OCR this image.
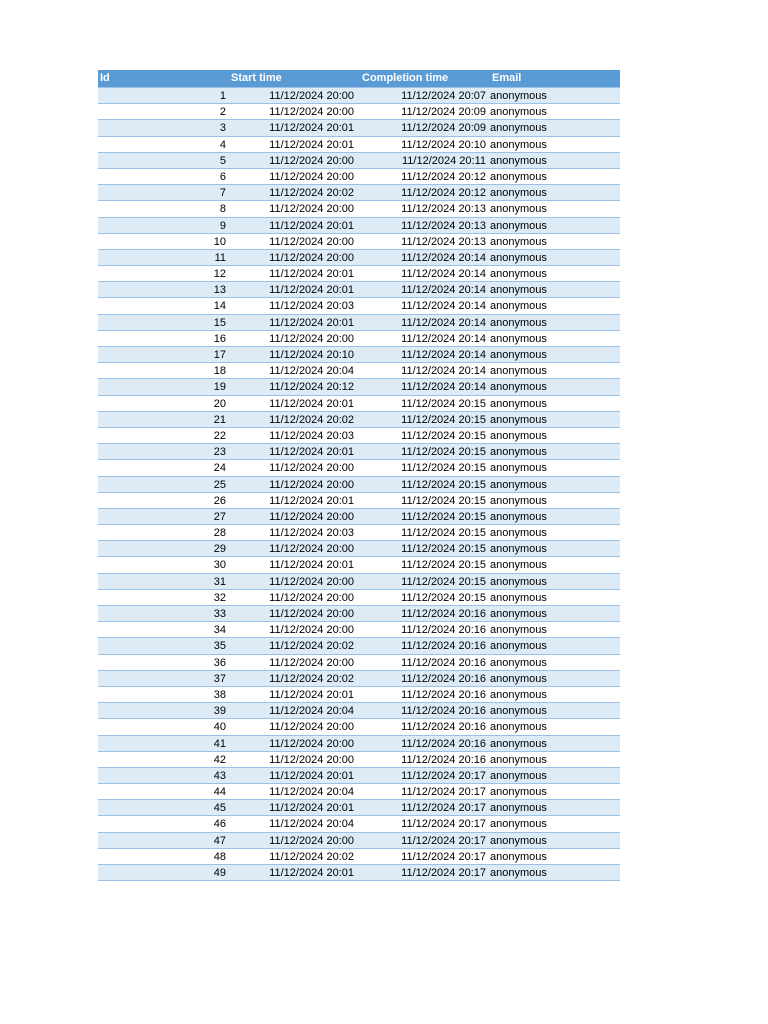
Id	Start time	Completion time	Email
1	11/12/2024 20:00	11/12/2024 20:07 anonymous
2	11/12/2024 20:00	11/12/2024 20:09 anonymous
3	11/12/2024 20:01	11/12/2024 20:09 anonymous
4	11/12/2024 20:01	11/12/2024 20:10 anonymous
5	11/12/2024 20:00	11/12/2024 20:11 anonymous
6	11/12/2024 20:00	11/12/2024 20:12 anonymous
7	11/12/2024 20:02	11/12/2024 20:12 anonymous
8	11/12/2024 20:00	11/12/2024 20:13 anonymous
9	11/12/2024 20:01	11/12/2024 20:13 anonymous
10	11/12/2024 20:00	11/12/2024 20:13 anonymous
11	11/12/2024 20:00	11/12/2024 20:14 anonymous
12	11/12/2024 20:01	11/12/2024 20:14 anonymous
13	11/12/2024 20:01	11/12/2024 20:14 anonymous
14	11/12/2024 20:03	11/12/2024 20:14 anonymous
15	11/12/2024 20:01	11/12/2024 20:14 anonymous
16	11/12/2024 20:00	11/12/2024 20:14 anonymous
17	11/12/2024 20:10	11/12/2024 20:14 anonymous
18	11/12/2024 20:04	11/12/2024 20:14 anonymous
19	11/12/2024 20:12	11/12/2024 20:14 anonymous
20	11/12/2024 20:01	11/12/2024 20:15 anonymous
21	11/12/2024 20:02	11/12/2024 20:15 anonymous
22	11/12/2024 20:03	11/12/2024 20:15 anonymous
23	11/12/2024 20:01	11/12/2024 20:15 anonymous
24	11/12/2024 20:00	11/12/2024 20:15 anonymous
25	11/12/2024 20:00	11/12/2024 20:15 anonymous
26	11/12/2024 20:01	11/12/2024 20:15 anonymous
27	11/12/2024 20:00	11/12/2024 20:15 anonymous
28	11/12/2024 20:03	11/12/2024 20:15 anonymous
29	11/12/2024 20:00	11/12/2024 20:15 anonymous
30	11/12/2024 20:01	11/12/2024 20:15 anonymous
31	11/12/2024 20:00	11/12/2024 20:15 anonymous
32	11/12/2024 20:00	11/12/2024 20:15 anonymous
33	11/12/2024 20:00	11/12/2024 20:16 anonymous
34	11/12/2024 20:00	11/12/2024 20:16 anonymous
35	11/12/2024 20:02	11/12/2024 20:16 anonymous
36	11/12/2024 20:00	11/12/2024 20:16 anonymous
37	11/12/2024 20:02	11/12/2024 20:16 anonymous
38	11/12/2024 20:01	11/12/2024 20:16 anonymous
39	11/12/2024 20:04	11/12/2024 20:16 anonymous
40	11/12/2024 20:00	11/12/2024 20:16 anonymous
41	11/12/2024 20:00	11/12/2024 20:16 anonymous
42	11/12/2024 20:00	11/12/2024 20:16 anonymous
43	11/12/2024 20:01	11/12/2024 20:17 anonymous
44	11/12/2024 20:04	11/12/2024 20:17 anonymous
45	11/12/2024 20:01	11/12/2024 20:17 anonymous
46	11/12/2024 20:04	11/12/2024 20:17 anonymous
47	11/12/2024 20:00	11/12/2024 20:17 anonymous
48	11/12/2024 20:02	11/12/2024 20:17 anonymous
49	11/12/2024 20:01	11/12/2024 20:17 anonymous
